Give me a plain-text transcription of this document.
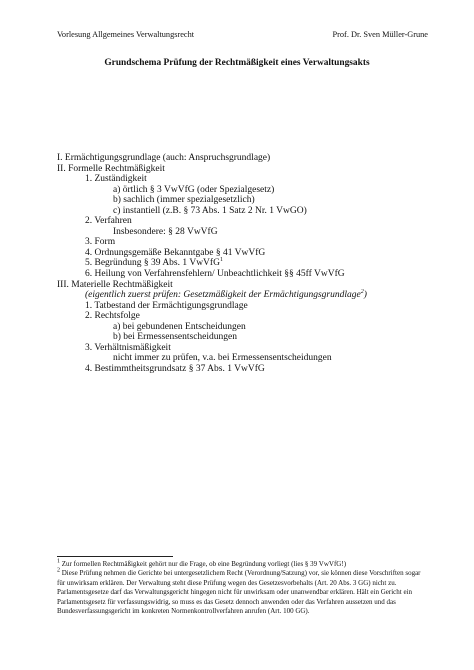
Vorlesung Allgemeines Verwaltungsrecht	Prof. Dr. Sven Müller-Grune
Grundschema Prüfung der Rechtmäßigkeit eines Verwaltungsakts
I. Ermächtigungsgrundlage (auch: Anspruchsgrundlage)
II. Formelle Rechtmäßigkeit
1. Zuständigkeit
a) örtlich § 3 VwVfG (oder Spezialgesetz)
b) sachlich (immer spezialgesetzlich)
c) instantiell (z.B. § 73 Abs. 1 Satz 2 Nr. 1 VwGO)
2. Verfahren
Insbesondere: § 28 VwVfG
3. Form
4. Ordnungsgemäße Bekanntgabe § 41 VwVfG
5. Begründung § 39 Abs. 1 VwVfG$^1$
6. Heilung von Verfahrensfehlern/ Unbeachtlichkeit §§ 45ff VwVfG
III. Materielle Rechtmäßigkeit
(eigentlich zuerst prüfen: Gesetzmäßigkeit der Ermächtigungsgrundlage$^2$)
1. Tatbestand der Ermächtigungsgrundlage
2. Rechtsfolge
a) bei gebundenen Entscheidungen
b) bei Ermessensentscheidungen
3. Verhältnismäßigkeit
nicht immer zu prüfen, v.a. bei Ermessensentscheidungen
4. Bestimmtheitsgrundsatz § 37 Abs. 1 VwVfG
$^1$ Zur formellen Rechtmäßigkeit gehört nur die Frage, ob eine Begründung vorliegt (lies § 39 VwVfG!)
$^2$ Diese Prüfung nehmen die Gerichte bei untergesetzlichem Recht (Verordnung/Satzung) vor, sie können diese Vorschriften sogar für unwirksam erklären. Der Verwaltung steht diese Prüfung wegen des Gesetzesvorbehalts (Art. 20 Abs. 3 GG) nicht zu. Parlamentsgesetze darf das Verwaltungsgericht hingegen nicht für unwirksam oder unanwendbar erklären. Hält ein Gericht ein Parlamentsgesetz für verfassungswidrig, so muss es das Gesetz dennoch anwenden oder das Verfahren aussetzen und das Bundesverfassungsgericht im konkreten Normenkontrollverfahren anrufen (Art. 100 GG).
